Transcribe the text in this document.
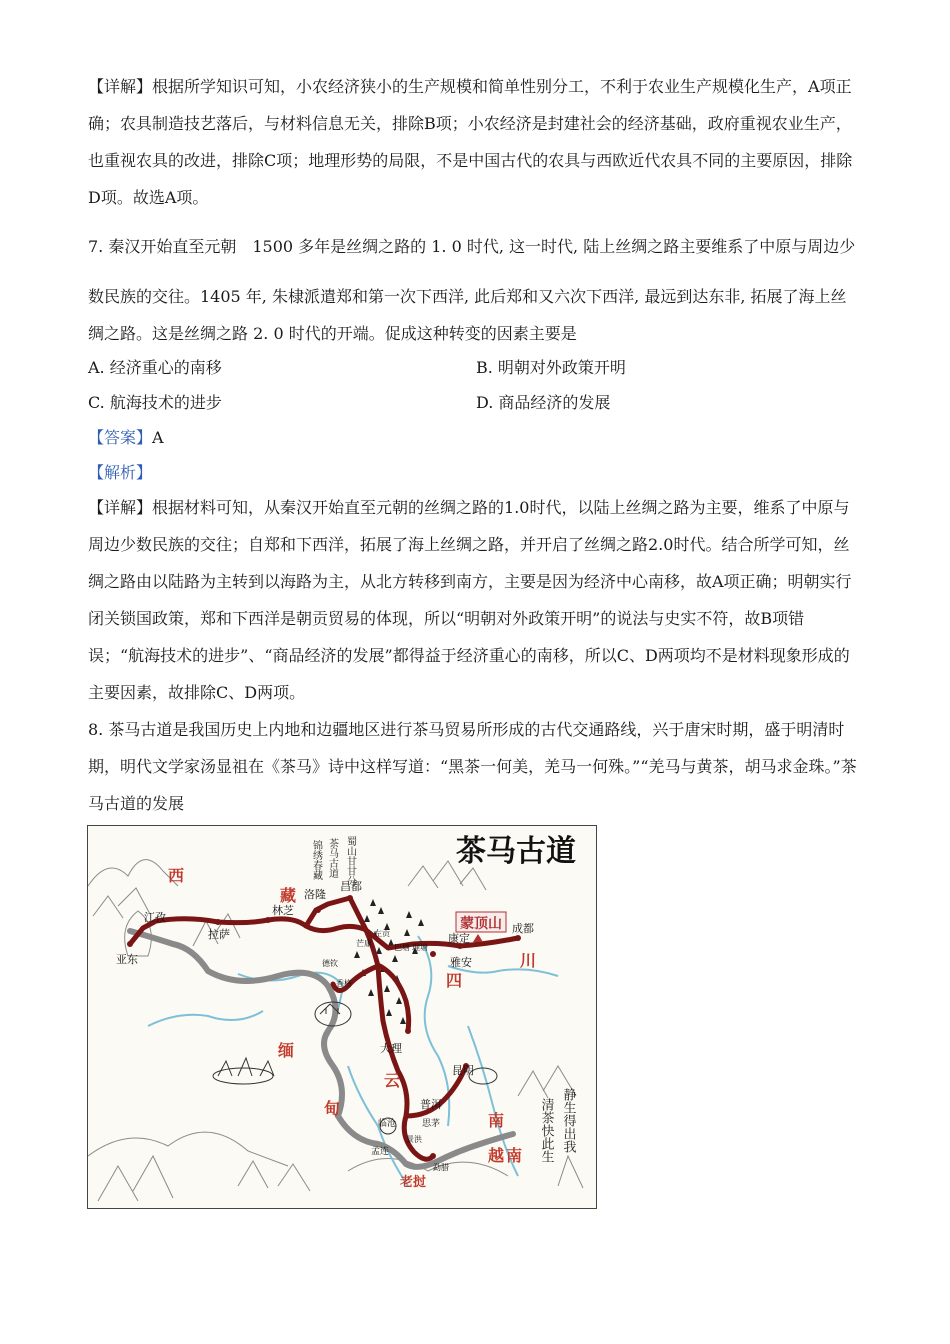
【详解】根据所学知识可知，小农经济狭小的生产规模和简单性别分工，不利于农业生产规模化生产，A项正确；农具制造技艺落后，与材料信息无关，排除B项；小农经济是封建社会的经济基础，政府重视农业生产，也重视农具的改进，排除C项；地理形势的局限，不是中国古代的农具与西欧近代农具不同的主要原因，排除D项。故选A项。

7. 秦汉开始直至元朝　1500 多年是丝绸之路的 1. 0 时代, 这一时代, 陆上丝绸之路主要维系了中原与周边少

数民族的交往。1405 年, 朱棣派遣郑和第一次下西洋, 此后郑和又六次下西洋, 最远到达东非, 拓展了海上丝绸之路。这是丝绸之路 2. 0 时代的开端。促成这种转变的因素主要是

A. 经济重心的南移	B. 明朝对外政策开明
C. 航海技术的进步	D. 商品经济的发展
【答案】A
【解析】

【详解】根据材料可知，从秦汉开始直至元朝的丝绸之路的1.0时代，以陆上丝绸之路为主要，维系了中原与周边少数民族的交往；自郑和下西洋，拓展了海上丝绸之路，并开启了丝绸之路2.0时代。结合所学可知，丝绸之路由以陆路为主转到以海路为主，从北方转移到南方，主要是因为经济中心南移，故A项正确；明朝实行闭关锁国政策，郑和下西洋是朝贡贸易的体现，所以“明朝对外政策开明”的说法与史实不符，故B项错误；“航海技术的进步”、“商品经济的发展”都得益于经济重心的南移，所以C、D两项均不是材料现象形成的主要因素，故排除C、D两项。

8. 茶马古道是我国历史上内地和边疆地区进行茶马贸易所形成的古代交通路线，兴于唐宋时期，盛于明清时期，明代文学家汤显祖在《茶马》诗中这样写道：“黑茶一何美，羌马一何殊。”“羌马与黄茶，胡马求金珠。”茶马古道的发展

茶马古道
蒙顶山
西
藏
四
川
缅
甸
云
南
越 南
老挝
亚东
江孜
拉萨
林芝
洛隆
昌都
成都
康定
雅安
大理
昆明
普洱
思茅
临沧
孟连
勐腊
景洪
巴塘 理塘
香格
芒康
左贡
德钦
静生得出我
清茶快此生
蜀山甘甘分
茶马古道
锦绣春藏
